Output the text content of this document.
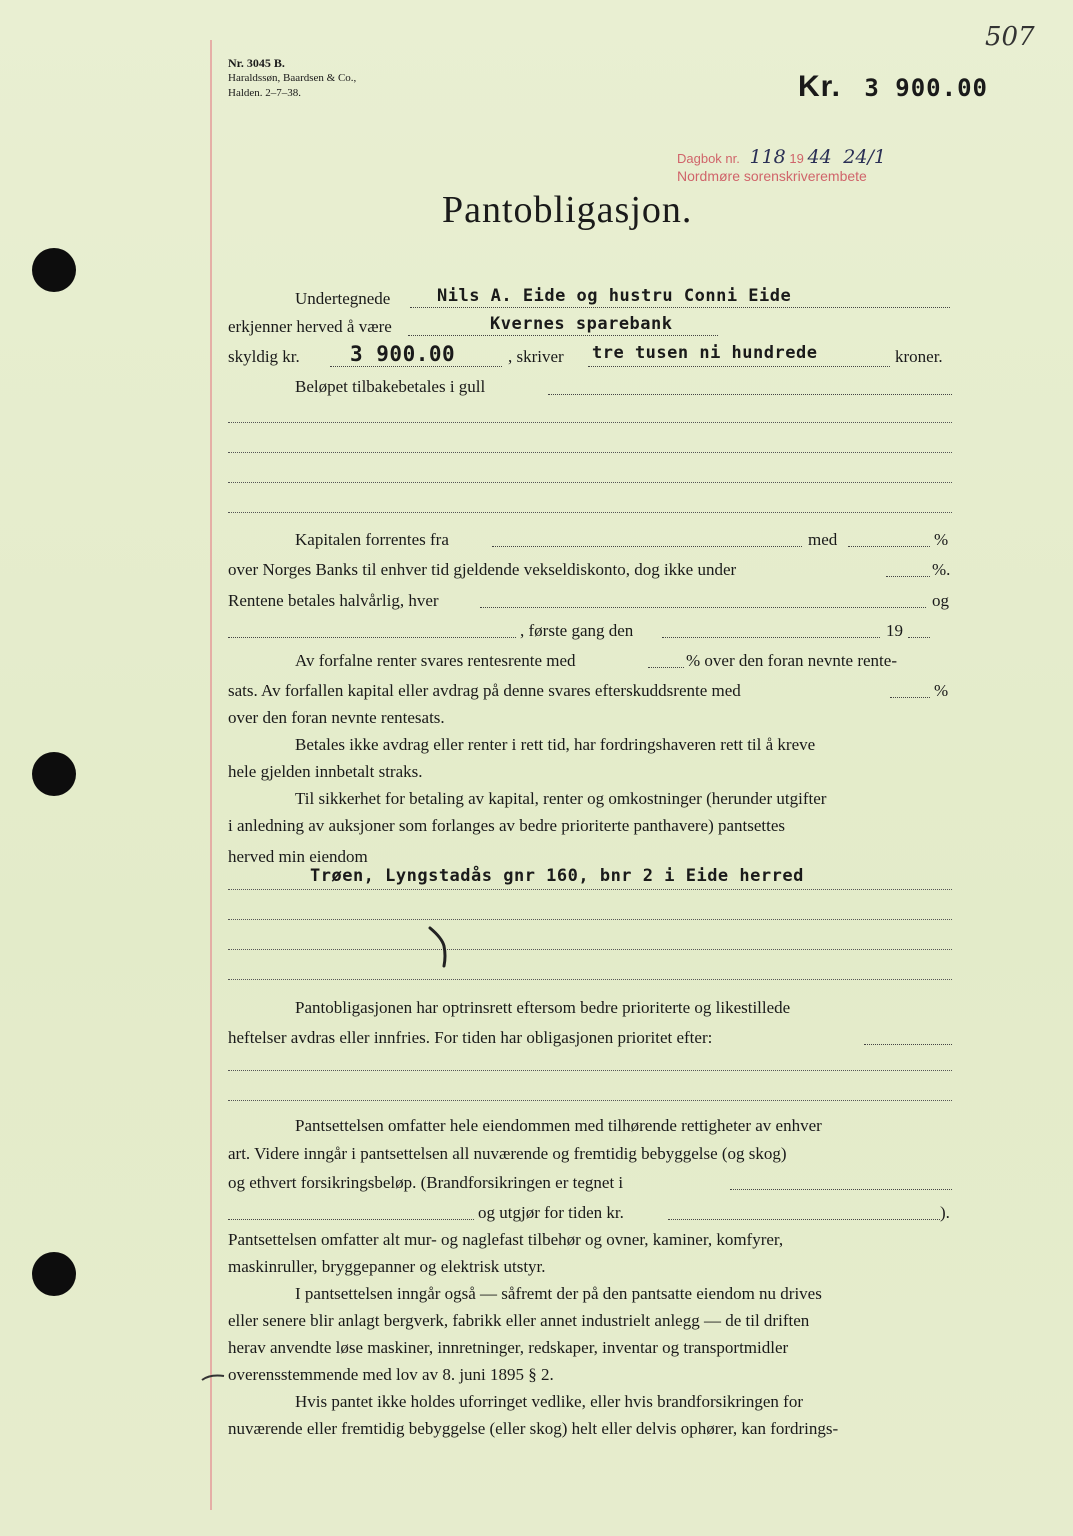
507
Nr. 3045 B.
Haraldssøn, Baardsen & Co.,
Halden. 2–7–38.	Kr. 3 900.00
Dagbok nr. 118 19 44 24/1
Nordmøre sorenskriverembete
Pantobligasjon.
Undertegnede	Nils A. Eide og hustru Conni Eide
erkjenner herved å være	Kvernes sparebank
skyldig kr. 3 900.00	, skriver tre tusen ni hundrede	kroner.
Beløpet tilbakebetales i gull
Kapitalen forrentes fra	med	%
over Norges Banks til enhver tid gjeldende vekseldiskonto, dog ikke under	%.
Rentene betales halvårlig, hver	og
, første gang den	19
Av forfalne renter svares rentesrente med	% over den foran nevnte rente-
sats. Av forfallen kapital eller avdrag på denne svares efterskuddsrente med	%
over den foran nevnte rentesats.
Betales ikke avdrag eller renter i rett tid, har fordringshaveren rett til å kreve
hele gjelden innbetalt straks.
Til sikkerhet for betaling av kapital, renter og omkostninger (herunder utgifter
i anledning av auksjoner som forlanges av bedre prioriterte panthavere) pantsettes
herved min eiendom
Trøen, Lyngstadås gnr 160, bnr 2 i Eide herred
Pantobligasjonen har optrinsrett eftersom bedre prioriterte og likestillede
heftelser avdras eller innfries. For tiden har obligasjonen prioritet efter:
Pantsettelsen omfatter hele eiendommen med tilhørende rettigheter av enhver
art. Videre inngår i pantsettelsen all nuværende og fremtidig bebyggelse (og skog)
og ethvert forsikringsbeløp. (Brandforsikringen er tegnet i
og utgjør for tiden kr.	).
Pantsettelsen omfatter alt mur- og naglefast tilbehør og ovner, kaminer, komfyrer,
maskinruller, bryggepanner og elektrisk utstyr.
I pantsettelsen inngår også — såfremt der på den pantsatte eiendom nu drives
eller senere blir anlagt bergverk, fabrikk eller annet industrielt anlegg — de til driften
herav anvendte løse maskiner, innretninger, redskaper, inventar og transportmidler
overensstemmende med lov av 8. juni 1895 § 2.
Hvis pantet ikke holdes uforringet vedlike, eller hvis brandforsikringen for
nuværende eller fremtidig bebyggelse (eller skog) helt eller delvis ophører, kan fordrings-
